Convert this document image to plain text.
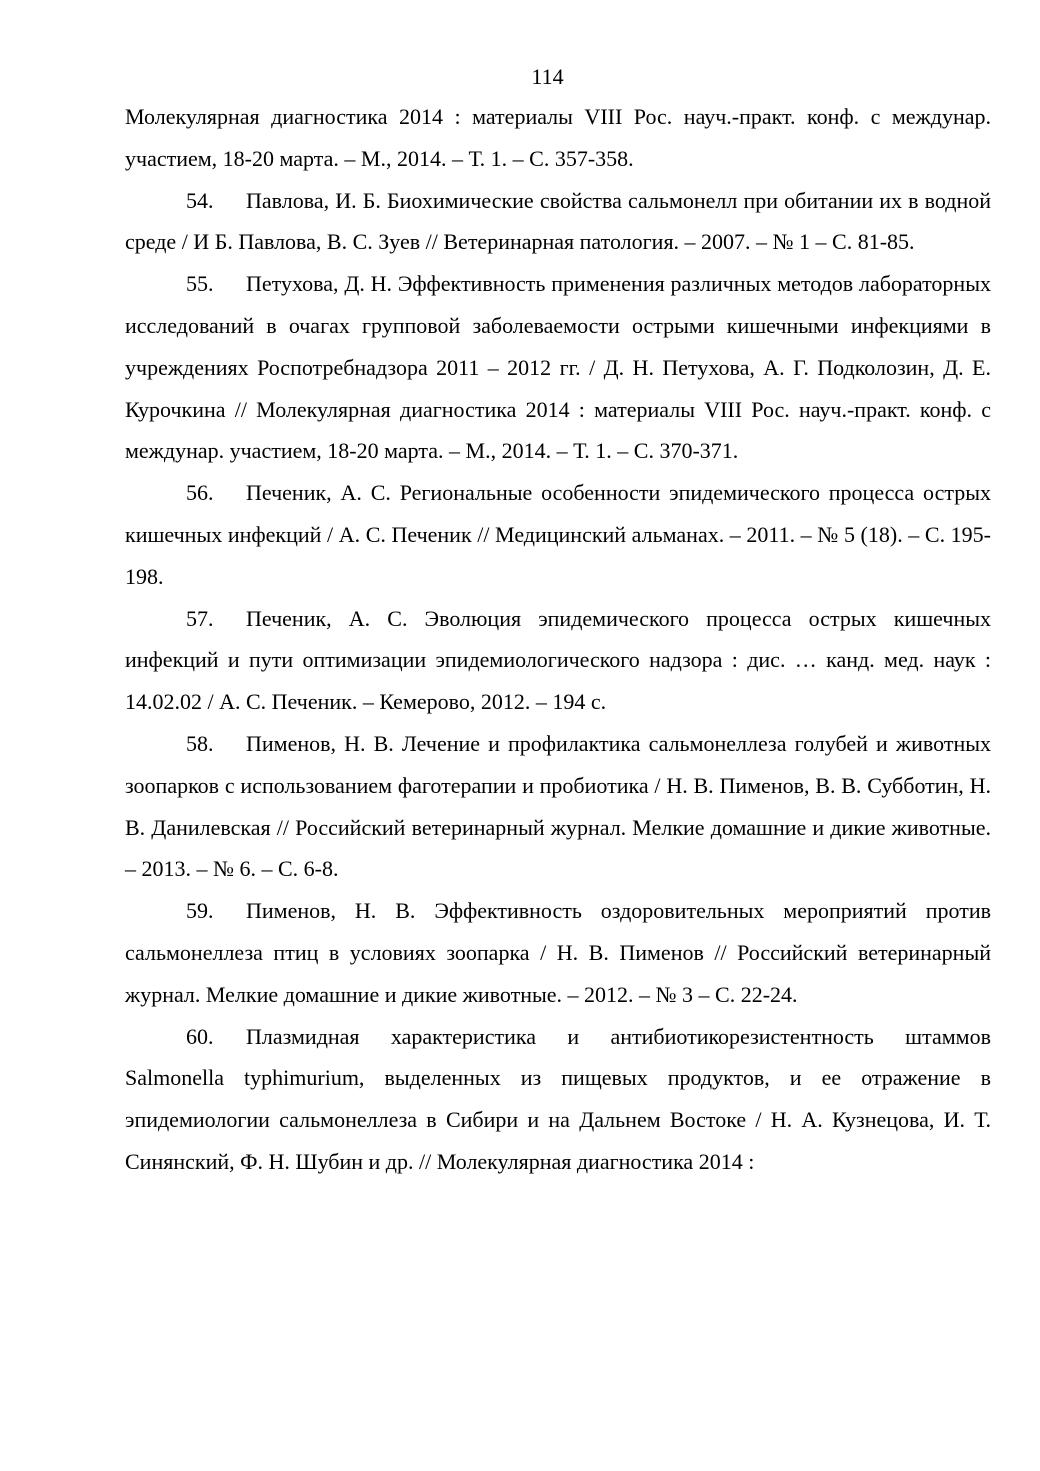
114

Молекулярная диагностика 2014 : материалы VIII Рос. науч.-практ. конф. с междунар. участием, 18-20 марта. – М., 2014. – Т. 1. – С. 357-358.

54. Павлова, И. Б. Биохимические свойства сальмонелл при обитании их в водной среде / И Б. Павлова, В. С. Зуев // Ветеринарная патология. – 2007. – № 1 – С. 81-85.

55. Петухова, Д. Н. Эффективность применения различных методов лабораторных исследований в очагах групповой заболеваемости острыми кишечными инфекциями в учреждениях Роспотребнадзора 2011 – 2012 гг. / Д. Н. Петухова, А. Г. Подколозин, Д. Е. Курочкина // Молекулярная диагностика 2014 : материалы VIII Рос. науч.-практ. конф. с междунар. участием, 18-20 марта. – М., 2014. – Т. 1. – С. 370-371.

56. Печеник, А. С. Региональные особенности эпидемического процесса острых кишечных инфекций / А. С. Печеник // Медицинский альманах. – 2011. – № 5 (18). – С. 195-198.

57. Печеник, А. С. Эволюция эпидемического процесса острых кишечных инфекций и пути оптимизации эпидемиологического надзора : дис. … канд. мед. наук : 14.02.02 / А. С. Печеник. – Кемерово, 2012. – 194 с.

58. Пименов, Н. В. Лечение и профилактика сальмонеллеза голубей и животных зоопарков с использованием фаготерапии и пробиотика / Н. В. Пименов, В. В. Субботин, Н. В. Данилевская // Российский ветеринарный журнал. Мелкие домашние и дикие животные. – 2013. – № 6. – С. 6-8.

59. Пименов, Н. В. Эффективность оздоровительных мероприятий против сальмонеллеза птиц в условиях зоопарка / Н. В. Пименов // Российский ветеринарный журнал. Мелкие домашние и дикие животные. – 2012. – № 3 – С. 22-24.

60. Плазмидная характеристика и антибиотикорезистентность штаммов Salmonella typhimurium, выделенных из пищевых продуктов, и ее отражение в эпидемиологии сальмонеллеза в Сибири и на Дальнем Востоке / Н. А. Кузнецова, И. Т. Синянский, Ф. Н. Шубин и др. // Молекулярная диагностика 2014 :
